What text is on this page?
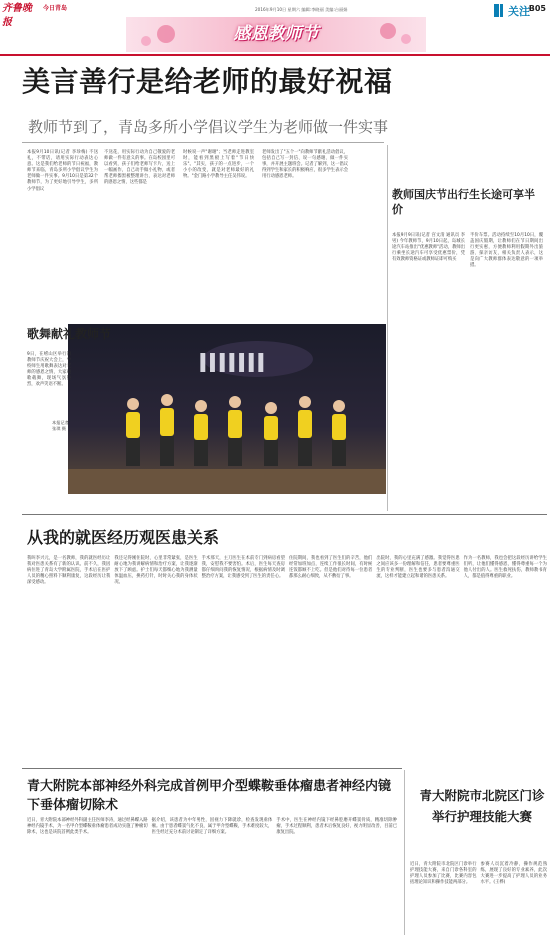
齐鲁晚报
今日青岛	2016年9月10日 星期六 编辑:李晓丽 美编:台丽娟	关注
B05
感恩教师节
美言善行是给老师的最好祝福
教师节到了，青岛多所小学倡议学生为老师做一件实事
本报9月10日讯(记者 李珍梅) 不送礼，不带话，请用实际行动表达心意。这是我们给老师的节日祝福，教师节来临，青岛多所小学倡议学生为老师做一件实事。9月10日是第32个教师节，为了更好地引导学生，多所小学倡议
不送花，用实际行动为自己敬爱的老师做一件有意义的事。在岛校园里可以看到，孩子们给老师写卡片，送上一幅画作，自己动手做小礼物，或者帮老师擦黑板整理讲台，表达对老师的感恩之情，这些都是
时候说一声"谢谢"；当老师走进教室时，能看到黑板上写着"节日快乐"。"其实，孩子的一点进步，一个小小的改变，就是对老师最好的礼物。"金门路小学教导主任吴伟说。
老师发出了"五个一"向教师节献礼活动倡议，包括自己写一封信、说一句感谢、做一件实事，并开展主题班会。记者了解到，这一倡议得到学生和家长的积极响应，很多学生表示会用行动感恩老师。
教师国庆节出行生长途可享半价
本报9月9日讯(记者 宫文清 通讯员 李男) 今年教师节，9月10日起，岛城长途汽车站推出"优惠教师"活动，教师出行乘坐长途汽车可享受优惠票价，凭有效教师资格证或教师证即可购买
半价车票。活动持续至10月10日，覆盖国庆假期，让教师们在节日期间出行更实惠，方便教师利用假期外出旅游、探亲访友，相关负责人表示，这是向广大教师群体表达敬意的一项举措。
IIIIIII
歌舞献礼教师节
9日，在崂山区举行的教师节庆祝大会上，学校师生用歌舞表达对老师的感恩之情，大家载歌载舞，现场气氛热烈，欢声笑语不断。
本报记者 张琪 摄
从我的就医经历观医患关系
我叫李兴元，是一名教师，我的就医经历让我对医患关系有了新的认识。前不久，我因病住进了青岛大学附属医院，手术后在医护人员的精心照料下顺利康复，这段经历让我深受感动。
我还记得刚住院时，心里非常紧张，是医生耐心地为我讲解病情和治疗方案，让我逐渐放下了顾虑。护士们每天都细心地为我测量体温血压，换药打针，时时关心我的身体状况。
手术那天，主刀医生在术前专门到病房看望我，安慰我不要害怕。术后，医生每天查房都仔细询问我的恢复情况，根据病情及时调整治疗方案，让我感受到了医生的责任心。
住院期间，我也看到了医生们的辛苦，他们经常加班加点，连续工作很长时间，有时候连饭都顾不上吃。但是他们对待每一位患者都那么耐心细致，从不敷衍了事。
出院时，我的心里充满了感激。我觉得医患之间应该多一份理解和信任，患者要尊重医生的专业判断，医生也要多与患者沟通交流，这样才能建立起和谐的医患关系。
作为一名教师，我也会把这段经历讲给学生们听，让他们懂得感恩，懂得尊重每一个为他人付出的人。医生救死扶伤，教师教书育人，都是值得尊重的职业。
青大附院本部神经外科完成首例甲介型蝶鞍垂体瘤患者神经内镜下垂体瘤切除术
近日，青大附院本部神经外科副主任医师李涛，通过经鼻蝶入路神经内镜手术，为一名甲介型蝶鞍垂体瘤患者成功实施了肿瘤切除术，这也是该院首例此类手术。
据介绍，该患者为中年男性，因视力下降就诊，检查发现垂体瘤。由于患者蝶窦气化不良，属于甲介型蝶鞍，手术难度较大，医生经过充分术前讨论制定了详细方案。
手术中，医生在神经内镜下经鼻腔磨开蝶窦骨质，精准切除肿瘤，手术过程顺利，患者术后恢复良好，视力明显改善，目前已康复出院。
青大附院市北院区门诊举行护理技能大赛
近日，青大附院市北院区门诊举行护理技能大赛，来自门诊各科室的护理人员参加了比赛，比赛内容包括理论知识和操作技能两部分。
参赛人员沉着冷静，操作规范熟练，展现了良好的专业素养，此次大赛进一步提高了护理人员的业务水平。(王桦)
